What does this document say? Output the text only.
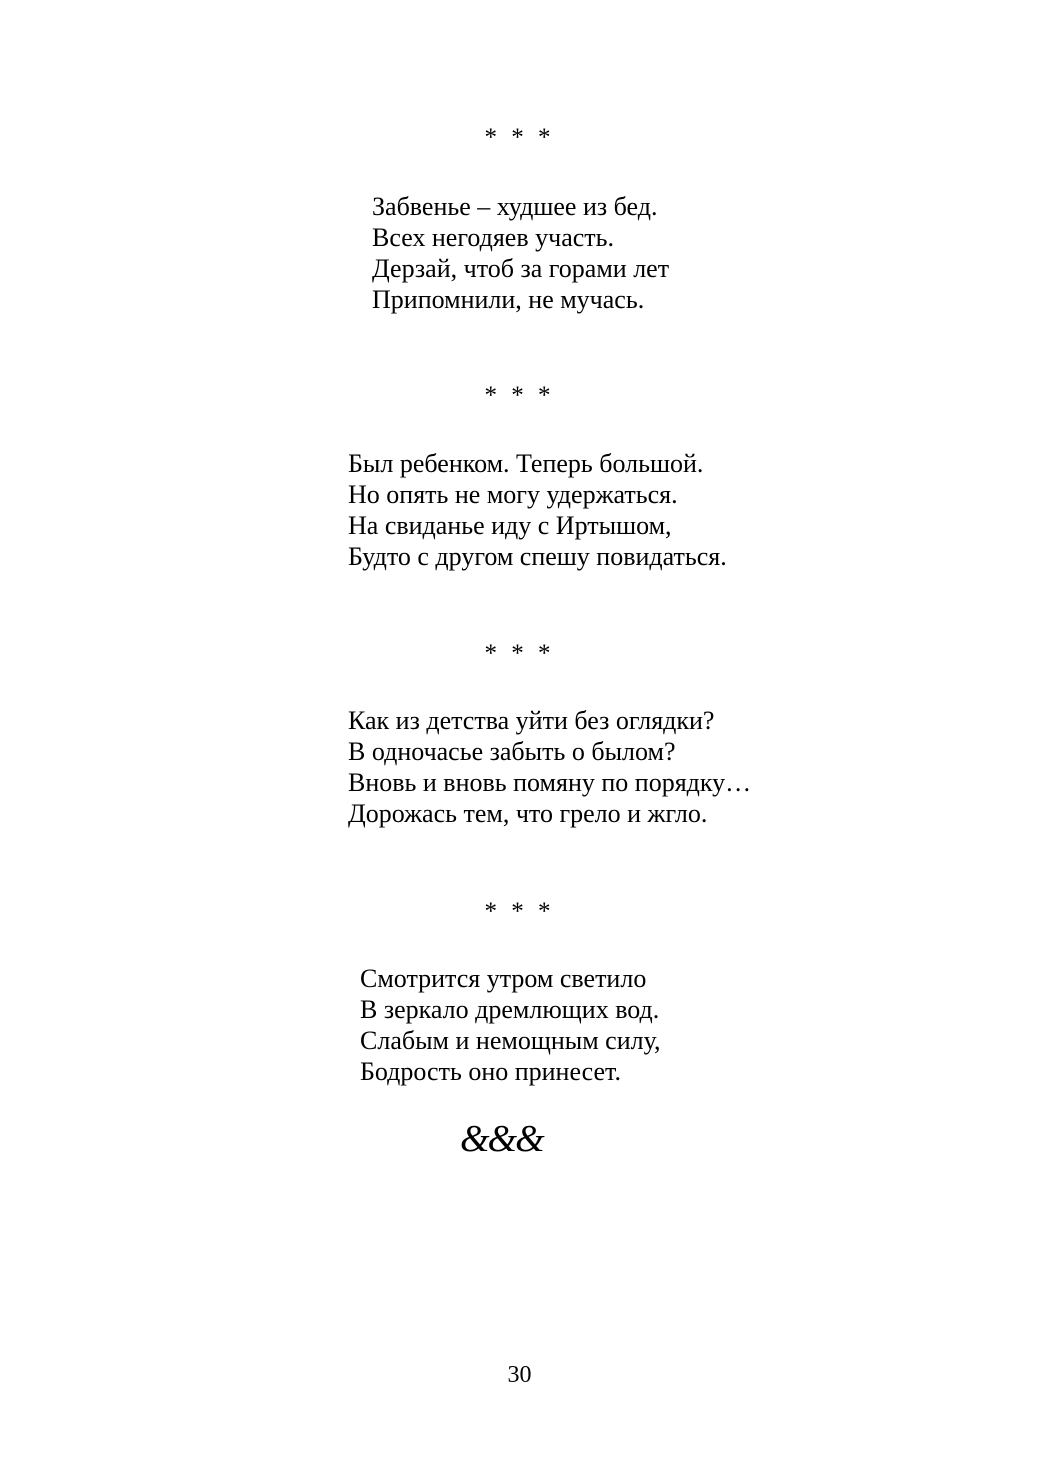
* * *
Забвенье – худшее из бед.
Всех негодяев участь.
Дерзай, чтоб за горами лет
Припомнили, не мучась.
* * *
Был ребенком. Теперь большой.
Но опять не могу удержаться.
На свиданье иду с Иртышом,
Будто с другом спешу повидаться.
* * *
Как из детства уйти без оглядки?
В одночасье забыть о былом?
Вновь и вновь помяну по порядку…
Дорожась тем, что грело и жгло.
* * *
Смотрится утром светило
В зеркало дремлющих вод.
Слабым и немощным силу,
Бодрость оно принесет.
&&&
30
